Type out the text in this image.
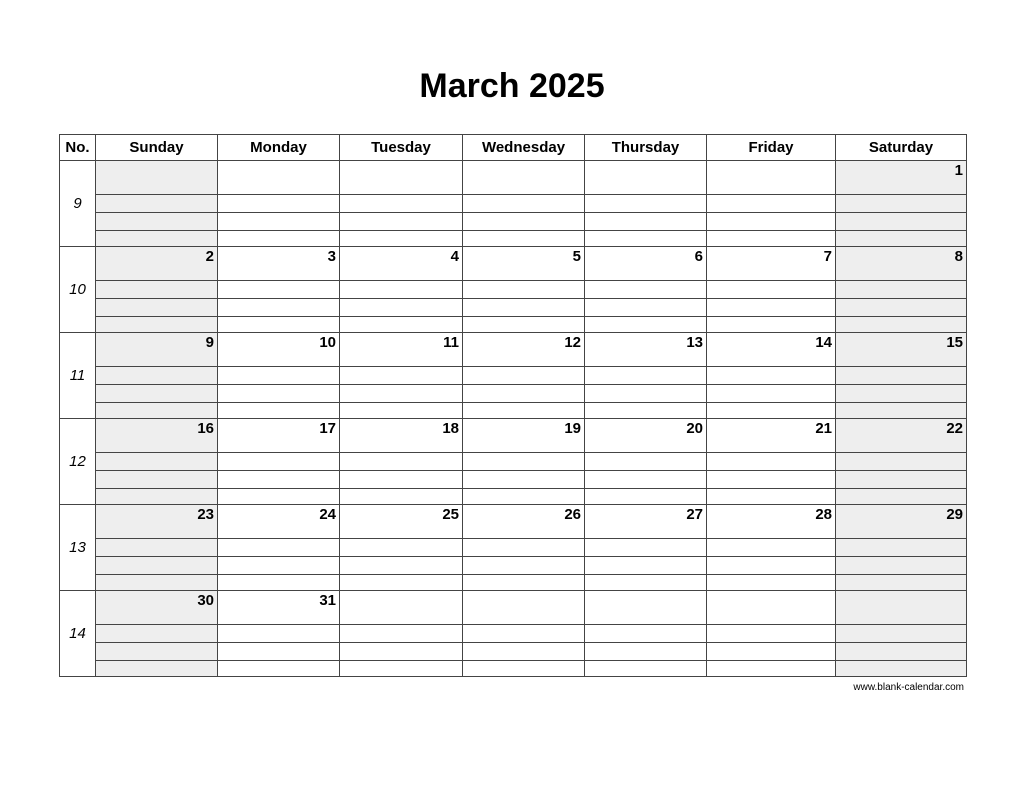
March 2025
No.	Sunday	Monday	Tuesday	Wednesday	Thursday	Friday	Saturday

9							1

10	2	3	4	5	6	7	8

11	9	10	11	12	13	14	15

12	16	17	18	19	20	21	22

13	23	24	25	26	27	28	29

14	30	31					

www.blank-calendar.com
